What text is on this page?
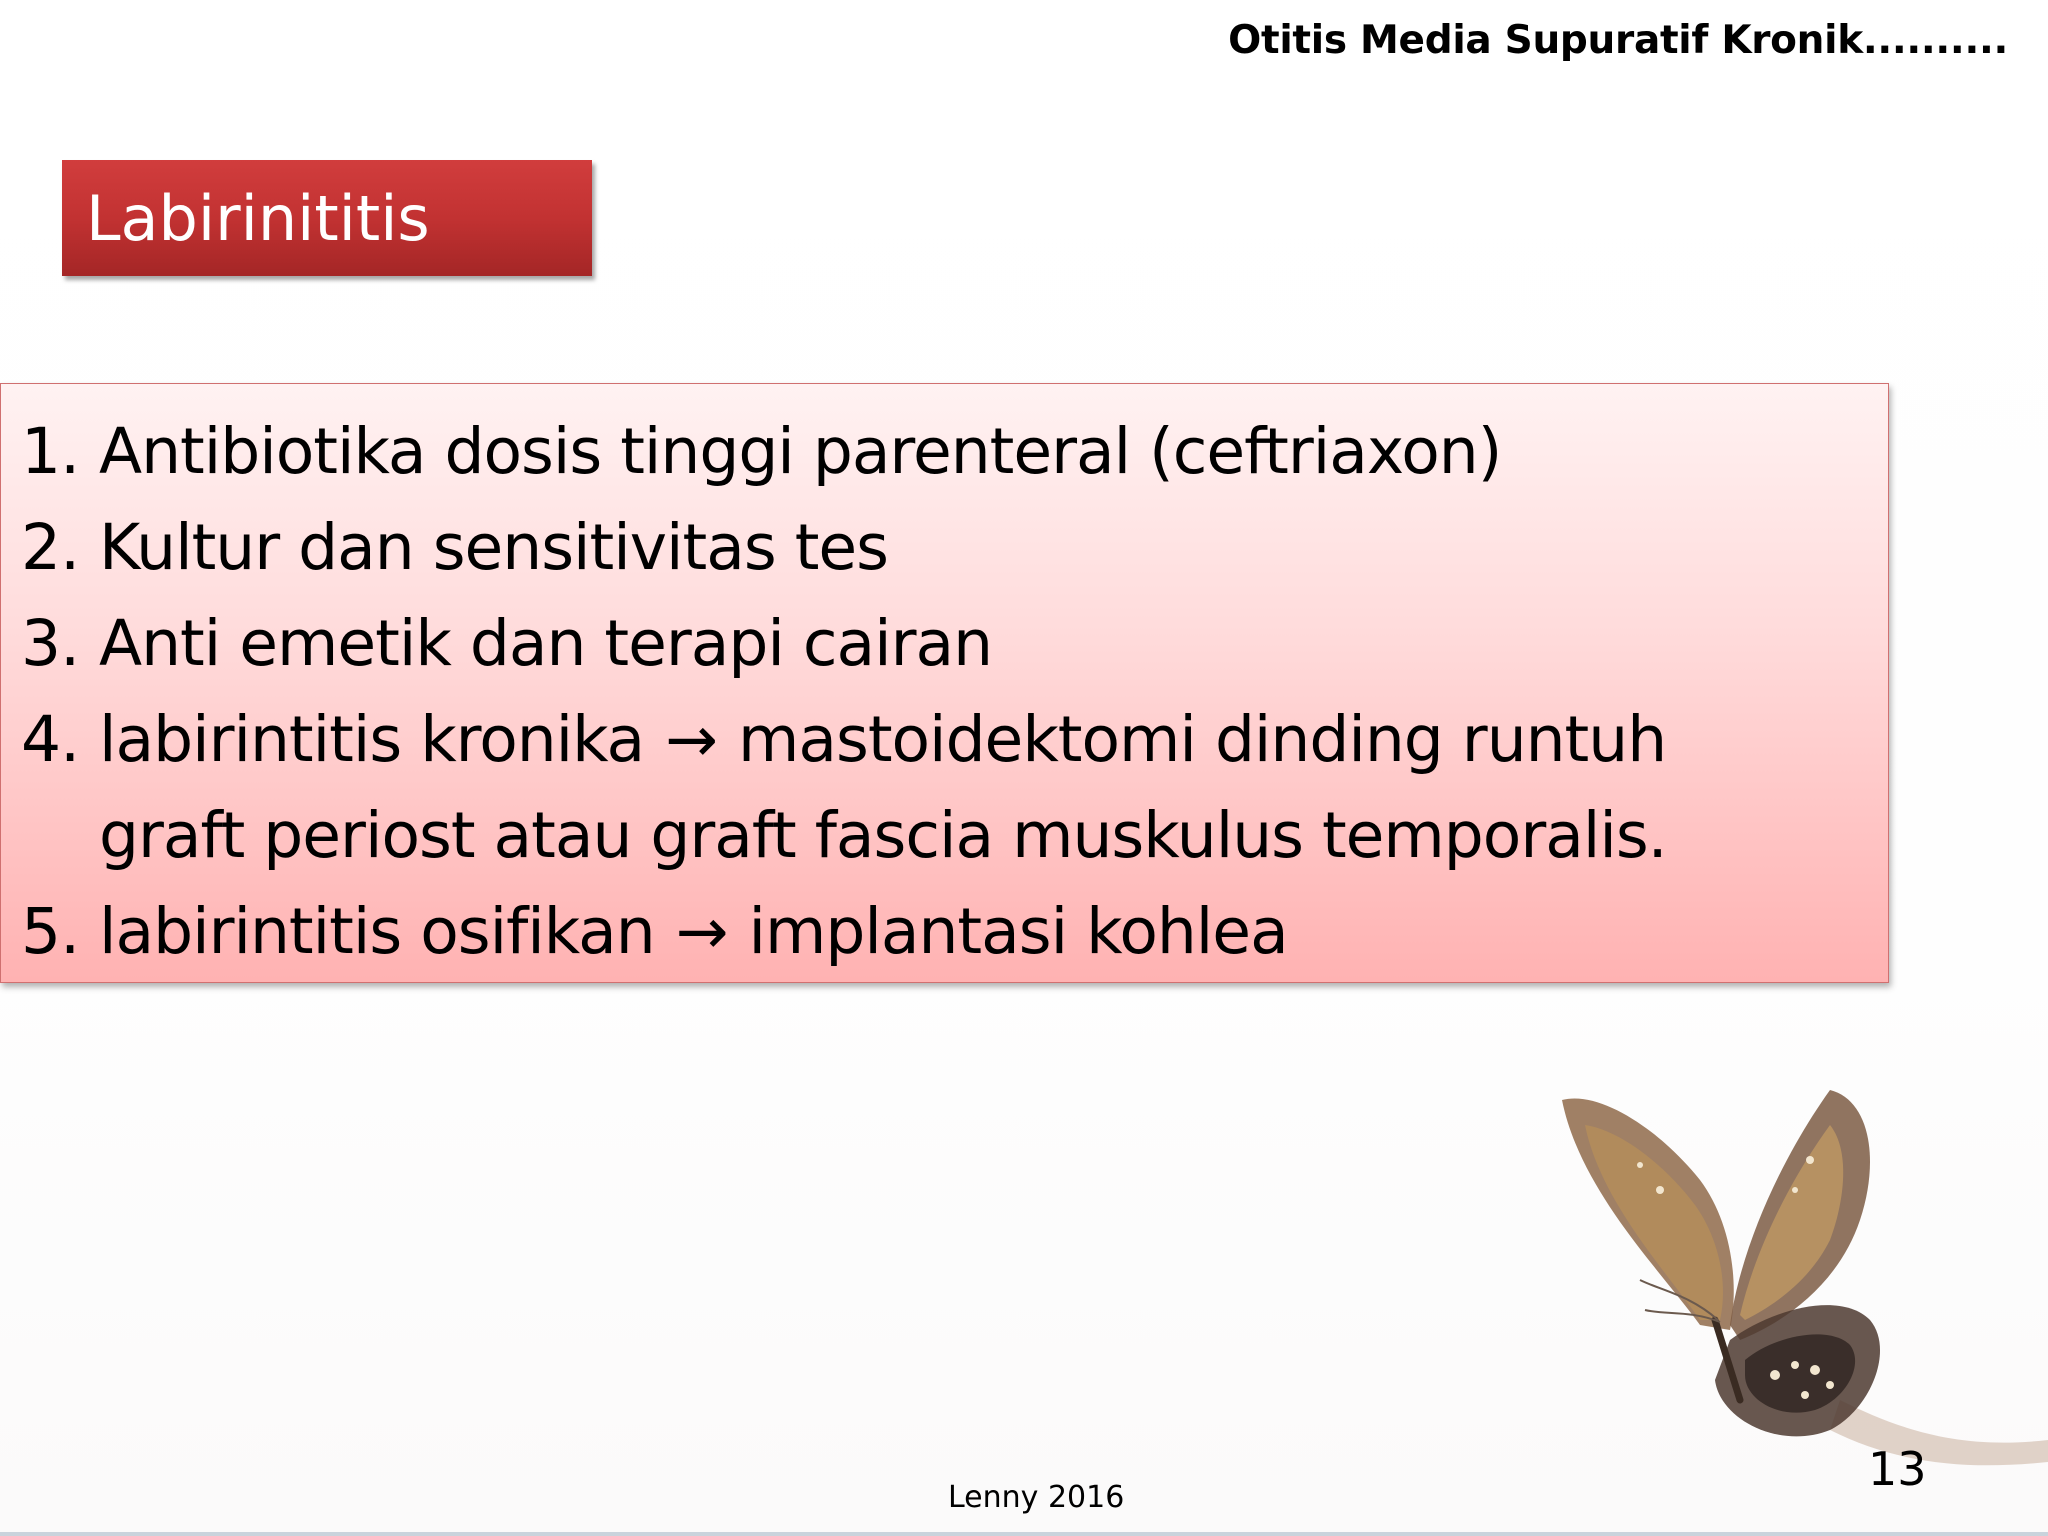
Otitis Media Supuratif Kronik..........
Labirinititis
1. Antibiotika dosis tinggi parenteral (ceftriaxon)
2. Kultur dan sensitivitas tes
3. Anti emetik dan terapi cairan
4. labirintitis kronika → mastoidektomi dinding runtuh
graft periost atau graft fascia muskulus temporalis.
5. labirintitis osifikan → implantasi kohlea
13
Lenny 2016
